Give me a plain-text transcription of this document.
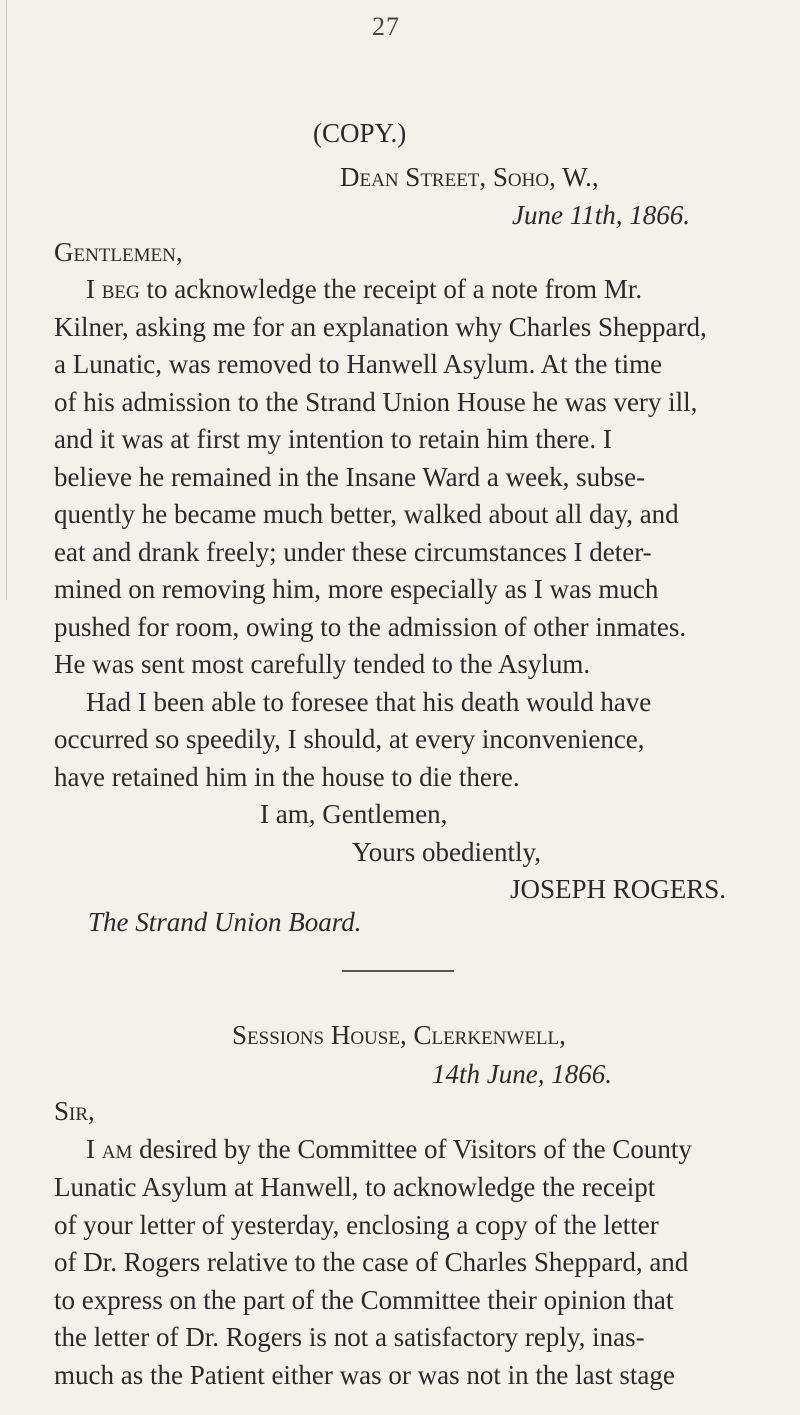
27
(COPY.)
Dean Street, Soho, W.,
June 11th, 1866.
Gentlemen,
I beg to acknowledge the receipt of a note from Mr.
Kilner, asking me for an explanation why Charles Sheppard,
a Lunatic, was removed to Hanwell Asylum. At the time
of his admission to the Strand Union House he was very ill,
and it was at first my intention to retain him there. I
believe he remained in the Insane Ward a week, subse-
quently he became much better, walked about all day, and
eat and drank freely; under these circumstances I deter-
mined on removing him, more especially as I was much
pushed for room, owing to the admission of other inmates.
He was sent most carefully tended to the Asylum.
Had I been able to foresee that his death would have
occurred so speedily, I should, at every inconvenience,
have retained him in the house to die there.
I am, Gentlemen,
Yours obediently,
JOSEPH ROGERS.
The Strand Union Board.
Sessions House, Clerkenwell,
14th June, 1866.
Sir,
I am desired by the Committee of Visitors of the County
Lunatic Asylum at Hanwell, to acknowledge the receipt
of your letter of yesterday, enclosing a copy of the letter
of Dr. Rogers relative to the case of Charles Sheppard, and
to express on the part of the Committee their opinion that
the letter of Dr. Rogers is not a satisfactory reply, inas-
much as the Patient either was or was not in the last stage
